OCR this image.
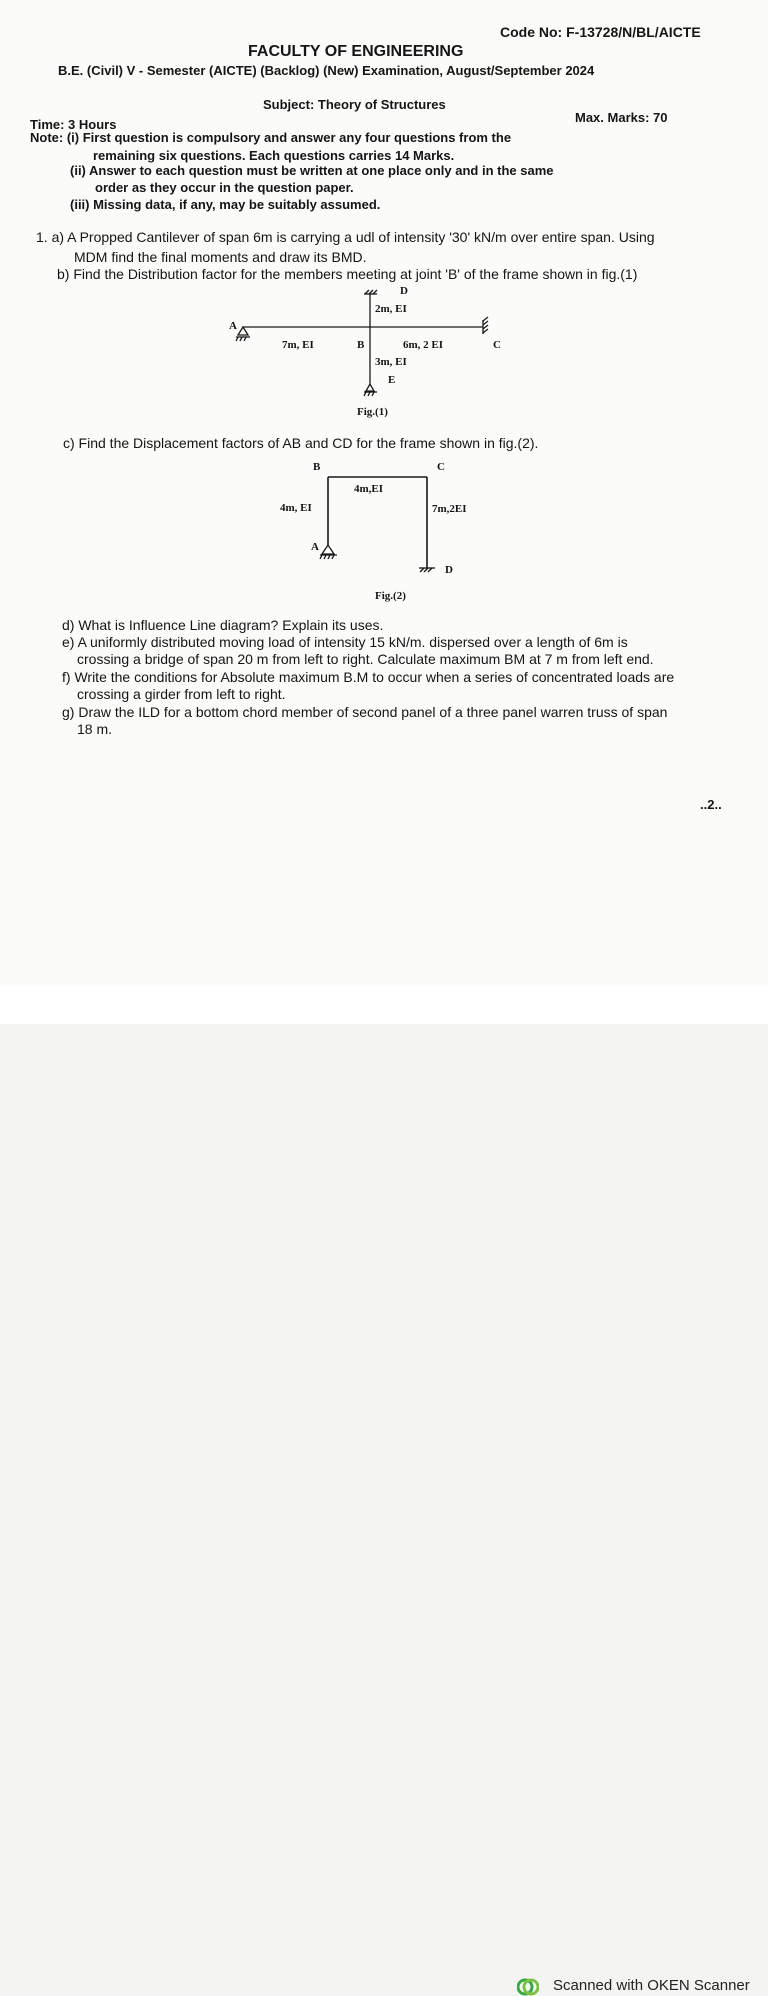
Code No: F-13728/N/BL/AICTE
FACULTY OF ENGINEERING
B.E. (Civil) V - Semester (AICTE) (Backlog) (New) Examination, August/September 2024
Subject: Theory of Structures
Time: 3 Hours	Max. Marks: 70
Note: (i) First question is compulsory and answer any four questions from the
remaining six questions. Each questions carries 14 Marks.
(ii) Answer to each question must be written at one place only and in the same
order as they occur in the question paper.
(iii) Missing data, if any, may be suitably assumed.
1. a) A Propped Cantilever of span 6m is carrying a udl of intensity '30' kN/m over entire span. Using
MDM find the final moments and draw its BMD.
b) Find the Distribution factor for the members meeting at joint 'B' of the frame shown in fig.(1)
A
D
2m, EI
7m, EI	B	6m, 2 EI	C
3m, EI
E
Fig.(1)
c) Find the Displacement factors of AB and CD for the frame shown in fig.(2).
B	C
4m,EI
4m, EI	7m,2EI
A
D
Fig.(2)
d) What is Influence Line diagram? Explain its uses.
e) A uniformly distributed moving load of intensity 15 kN/m. dispersed over a length of 6m is
crossing a bridge of span 20 m from left to right. Calculate maximum BM at 7 m from left end.
f) Write the conditions for Absolute maximum B.M to occur when a series of concentrated loads are
crossing a girder from left to right.
g) Draw the ILD for a bottom chord member of second panel of a three panel warren truss of span
18 m.
..2..
Scanned with OKEN Scanner
